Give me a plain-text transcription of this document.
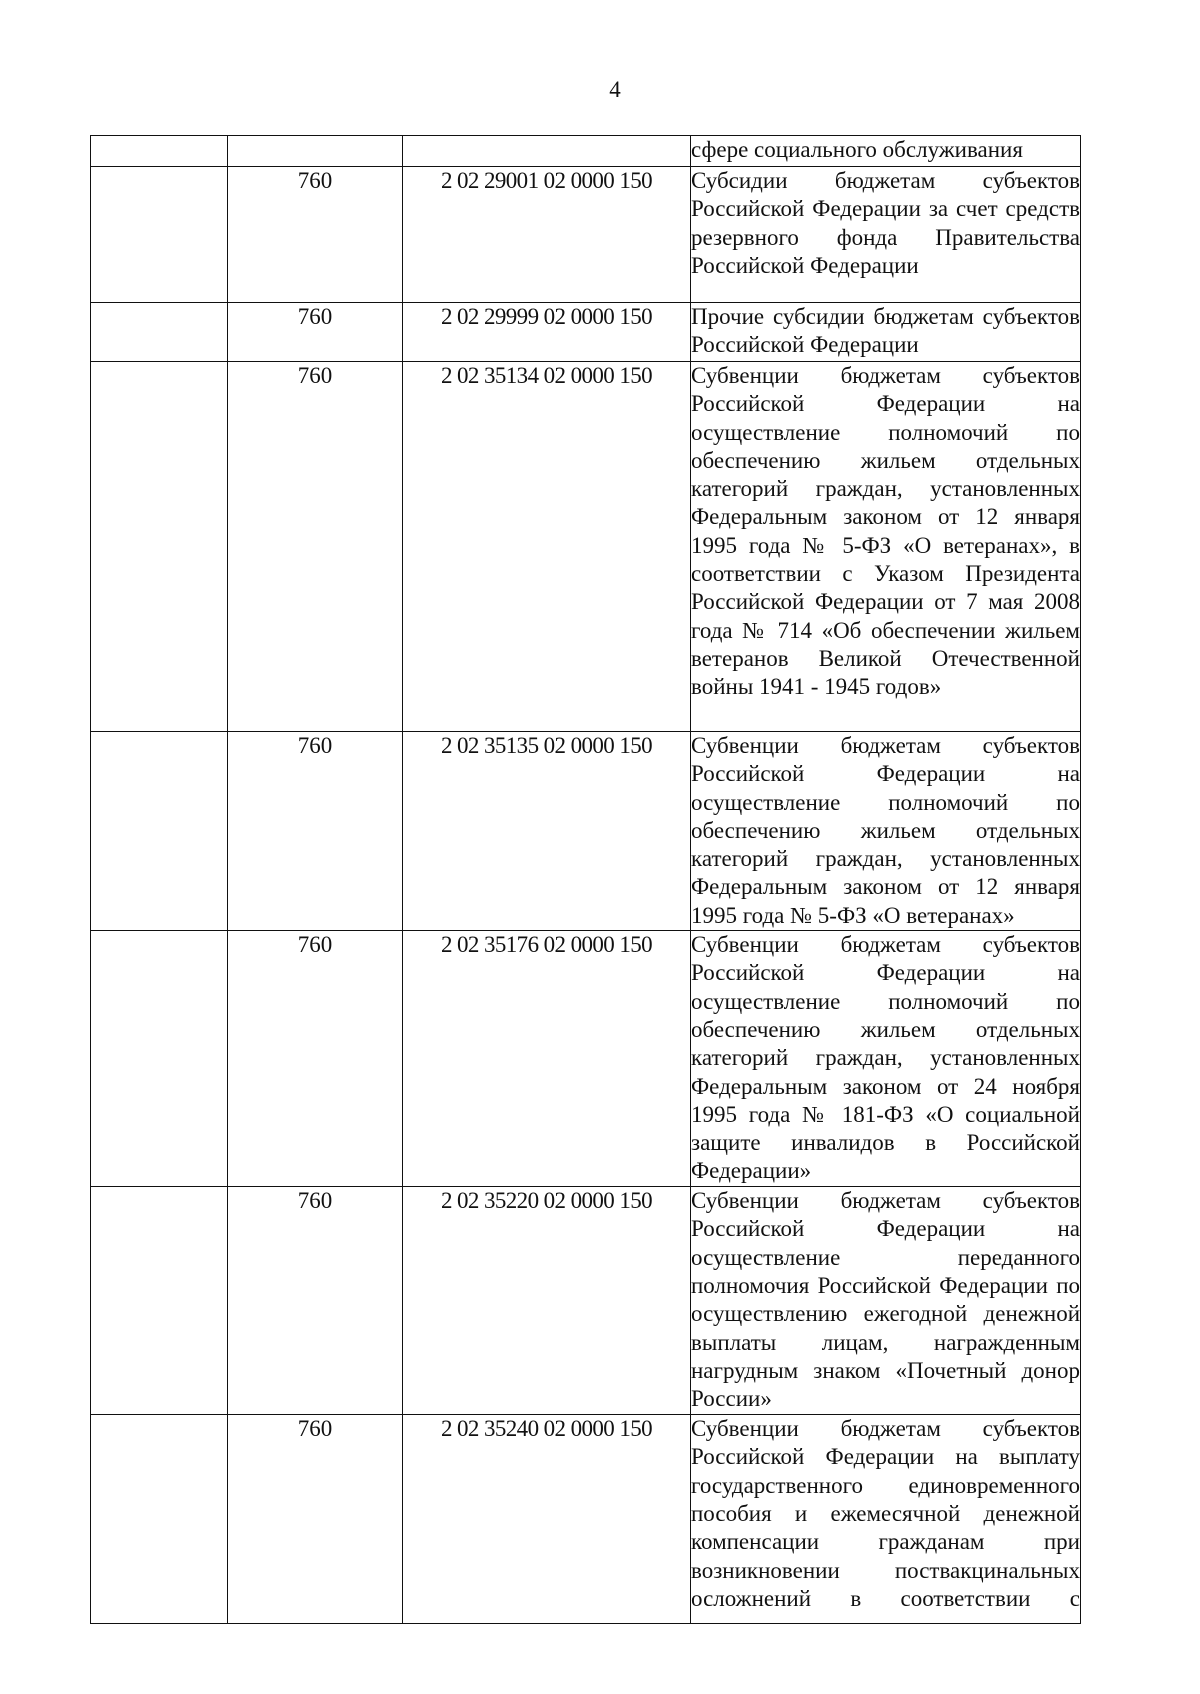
4
			сфере социального обслуживания
	760	2 02 29001 02 0000 150	Субсидии бюджетам субъектов Российской Федерации за счет средств резервного фонда Правительства Российской Федерации
	760	2 02 29999 02 0000 150	Прочие субсидии бюджетам субъектов Российской Федерации
	760	2 02 35134 02 0000 150	Субвенции бюджетам субъектов Российской Федерации на осуществление полномочий по обеспечению жильем отдельных категорий граждан, установленных Федеральным законом от 12 января 1995 года № 5-ФЗ «О ветеранах», в соответствии с Указом Президента Российской Федерации от 7 мая 2008 года № 714 «Об обеспечении жильем ветеранов Великой Отечественной войны 1941 - 1945 годов»
	760	2 02 35135 02 0000 150	Субвенции бюджетам субъектов Российской Федерации на осуществление полномочий по обеспечению жильем отдельных категорий граждан, установленных Федеральным законом от 12 января 1995 года № 5-ФЗ «О ветеранах»
	760	2 02 35176 02 0000 150	Субвенции бюджетам субъектов Российской Федерации на осуществление полномочий по обеспечению жильем отдельных категорий граждан, установленных Федеральным законом от 24 ноября 1995 года № 181-ФЗ «О социальной защите инвалидов в Российской Федерации»
	760	2 02 35220 02 0000 150	Субвенции бюджетам субъектов Российской Федерации на осуществление переданного полномочия Российской Федерации по осуществлению ежегодной денежной выплаты лицам, награжденным нагрудным знаком «Почетный донор России»
	760	2 02 35240 02 0000 150	Субвенции бюджетам субъектов Российской Федерации на выплату государственного единовременного пособия и ежемесячной денежной компенсации гражданам при возникновении поствакцинальных осложнений в соответствии с
